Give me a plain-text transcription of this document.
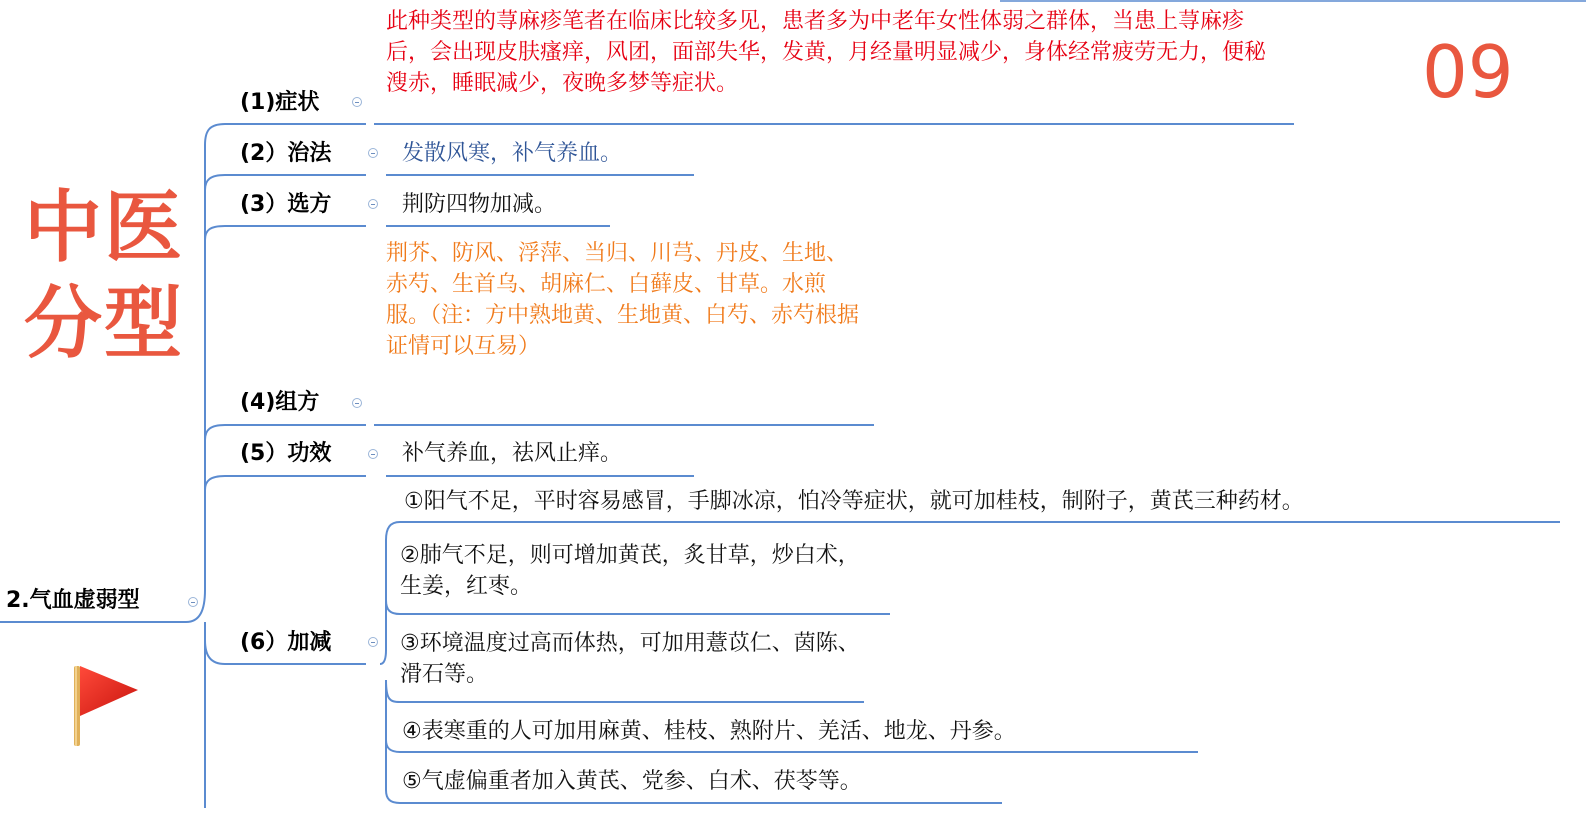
中医分型
09
2.气血虚弱型
(1)症状
(2）治法
(3）选方
(4)组方
(5）功效
(6）加减
此种类型的荨麻疹笔者在临床比较多见，患者多为中老年女性体弱之群体，当患上荨麻疹后，会出现皮肤瘙痒，风团，面部失华，发黄，月经量明显减少，身体经常疲劳无力，便秘溲赤，睡眠减少，夜晚多梦等症状。
发散风寒，补气养血。
荆防四物加减。
荆芥、防风、浮萍、当归、川芎、丹皮、生地、赤芍、生首乌、胡麻仁、白藓皮、甘草。水煎服。（注：方中熟地黄、生地黄、白芍、赤芍根据证情可以互易）
补气养血，祛风止痒。
①阳气不足，平时容易感冒，手脚冰凉，怕冷等症状，就可加桂枝，制附子，黄芪三种药材。
②肺气不足，则可增加黄芪，炙甘草，炒白术，生姜，红枣。
③环境温度过高而体热，可加用薏苡仁、茵陈、滑石等。
④表寒重的人可加用麻黄、桂枝、熟附片、羌活、地龙、丹参。
⑤气虚偏重者加入黄芪、党参、白术、茯苓等。
